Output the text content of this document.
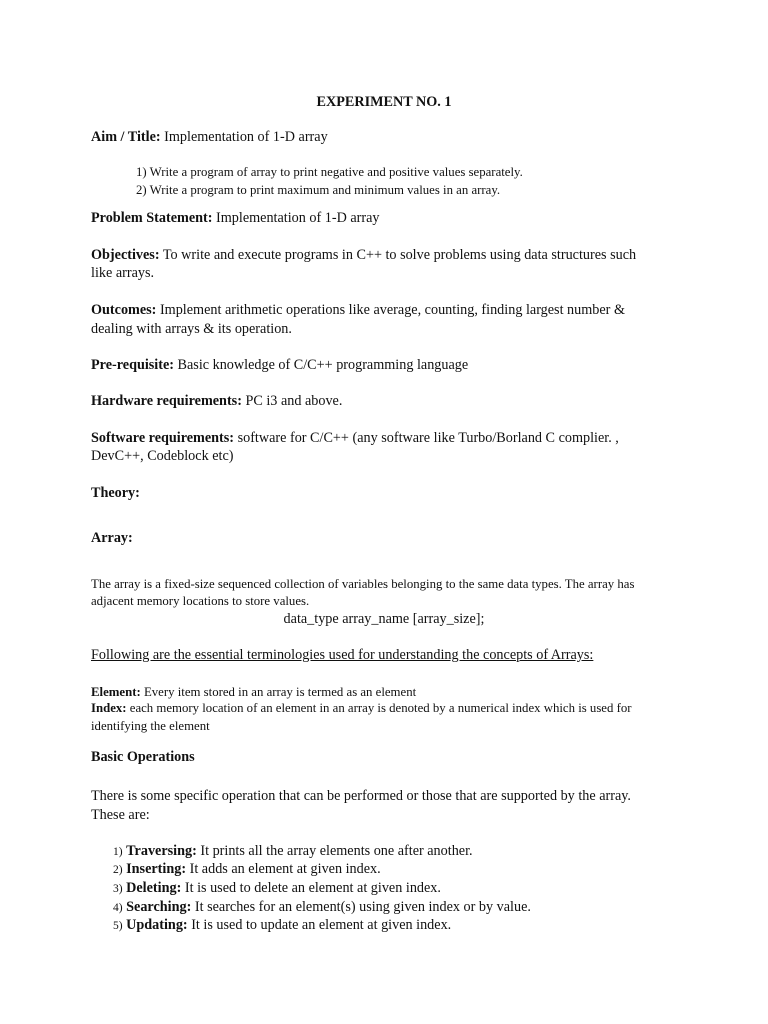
EXPERIMENT NO. 1
Aim / Title: Implementation of 1-D array
1) Write a program of array to print negative and positive values separately.
2) Write a program to print maximum and minimum values in an array.
Problem Statement: Implementation of 1-D array
Objectives: To write and execute programs in C++ to solve problems using data structures such
like arrays.
Outcomes: Implement arithmetic operations like average, counting, finding largest number &
dealing with arrays & its operation.
Pre-requisite: Basic knowledge of C/C++ programming language
Hardware requirements: PC i3 and above.
Software requirements: software for C/C++ (any software like Turbo/Borland C complier. ,
DevC++, Codeblock etc)
Theory:
Array:
The array is a fixed-size sequenced collection of variables belonging to the same data types. The array has
adjacent memory locations to store values.
data_type array_name [array_size];
Following are the essential terminologies used for understanding the concepts of Arrays:
Element: Every item stored in an array is termed as an element
Index: each memory location of an element in an array is denoted by a numerical index which is used for
identifying the element
Basic Operations
There is some specific operation that can be performed or those that are supported by the array.
These are:
1) Traversing: It prints all the array elements one after another.
2) Inserting: It adds an element at given index.
3) Deleting: It is used to delete an element at given index.
4) Searching: It searches for an element(s) using given index or by value.
5) Updating: It is used to update an element at given index.
